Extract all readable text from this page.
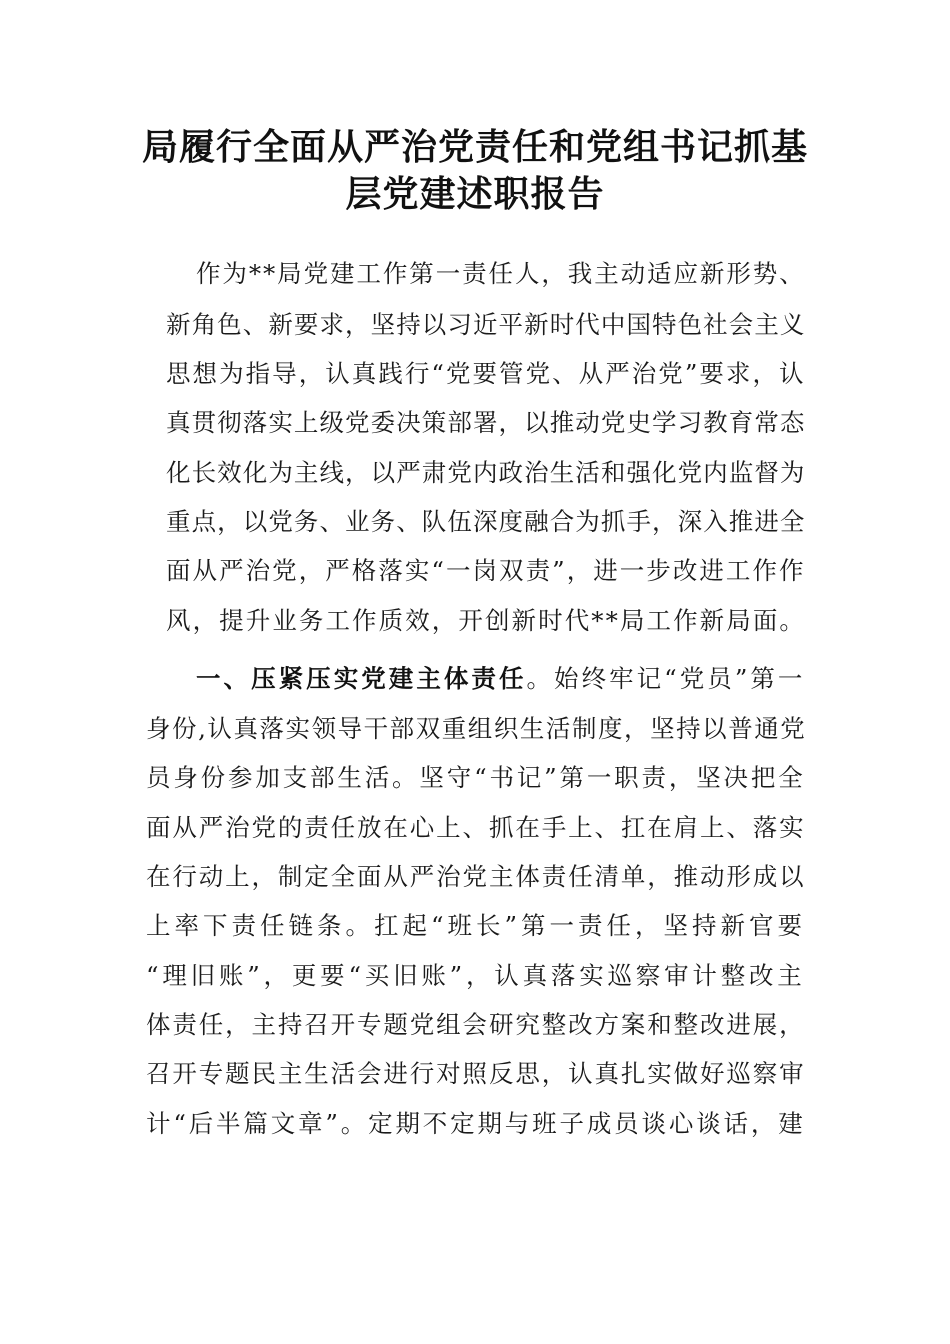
局履行全面从严治党责任和党组书记抓基
层党建述职报告
作为**局党建工作第一责任人，我主动适应新形势、
新角色、新要求，坚持以习近平新时代中国特色社会主义
思想为指导，认真践行“党要管党、从严治党”要求，认
真贯彻落实上级党委决策部署，以推动党史学习教育常态
化长效化为主线，以严肃党内政治生活和强化党内监督为
重点，以党务、业务、队伍深度融合为抓手，深入推进全
面从严治党，严格落实“一岗双责”，进一步改进工作作
风，提升业务工作质效，开创新时代**局工作新局面。
一、压紧压实党建主体责任。始终牢记“党员”第一
身份,认真落实领导干部双重组织生活制度，坚持以普通党
员身份参加支部生活。坚守“书记”第一职责，坚决把全
面从严治党的责任放在心上、抓在手上、扛在肩上、落实
在行动上，制定全面从严治党主体责任清单，推动形成以
上率下责任链条。扛起“班长”第一责任，坚持新官要
“理旧账”，更要“买旧账”，认真落实巡察审计整改主
体责任，主持召开专题党组会研究整改方案和整改进展，
召开专题民主生活会进行对照反思，认真扎实做好巡察审
计“后半篇文章”。定期不定期与班子成员谈心谈话，建
